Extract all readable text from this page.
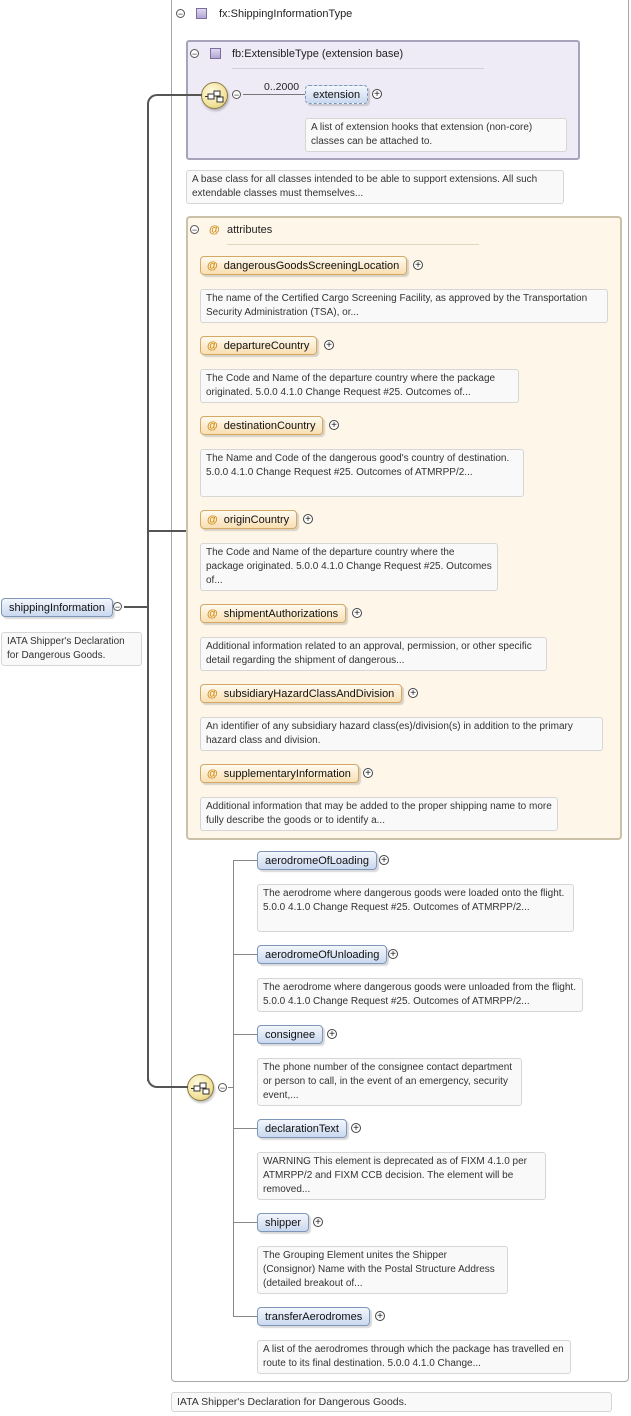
−	fx:ShippingInformationType
−	fb:ExtensibleType (extension base)
−
0..2000
extension	+
A list of extension hooks that extension (non-core) classes can be attached to.
A base class for all classes intended to be able to support extensions. All such extendable classes must themselves...
− @ attributes
@ dangerousGoodsScreeningLocation	+
The name of the Certified Cargo Screening Facility, as approved by the Transportation Security Administration (TSA), or...
@ departureCountry	+
The Code and Name of the departure country where the package originated. 5.0.0 4.1.0 Change Request #25. Outcomes of...
@ destinationCountry	+
The Name and Code of the dangerous good's country of destination. 5.0.0 4.1.0 Change Request #25. Outcomes of ATMRPP/2...
@ originCountry	+
The Code and Name of the departure country where the package originated. 5.0.0 4.1.0 Change Request #25. Outcomes of...
@ shipmentAuthorizations	+
Additional information related to an approval, permission, or other specific detail regarding the shipment of dangerous...
@ subsidiaryHazardClassAndDivision	+
An identifier of any subsidiary hazard class(es)/division(s) in addition to the primary hazard class and division.
@ supplementaryInformation	+
Additional information that may be added to the proper shipping name to more fully describe the goods or to identify a...
−
aerodromeOfLoading	+
The aerodrome where dangerous goods were loaded onto the flight. 5.0.0 4.1.0 Change Request #25. Outcomes of ATMRPP/2...
aerodromeOfUnloading	+
The aerodrome where dangerous goods were unloaded from the flight. 5.0.0 4.1.0 Change Request #25. Outcomes of ATMRPP/2...
consignee	+
The phone number of the consignee contact department or person to call, in the event of an emergency, security event,...
declarationText	+
WARNING This element is deprecated as of FIXM 4.1.0 per ATMRPP/2 and FIXM CCB decision. The element will be removed...
shipper	+
The Grouping Element unites the Shipper (Consignor) Name with the Postal Structure Address (detailed breakout of...
transferAerodromes	+
A list of the aerodromes through which the package has travelled en route to its final destination. 5.0.0 4.1.0 Change...
IATA Shipper's Declaration for Dangerous Goods.
shippingInformation	−
IATA Shipper's Declaration for Dangerous Goods.
